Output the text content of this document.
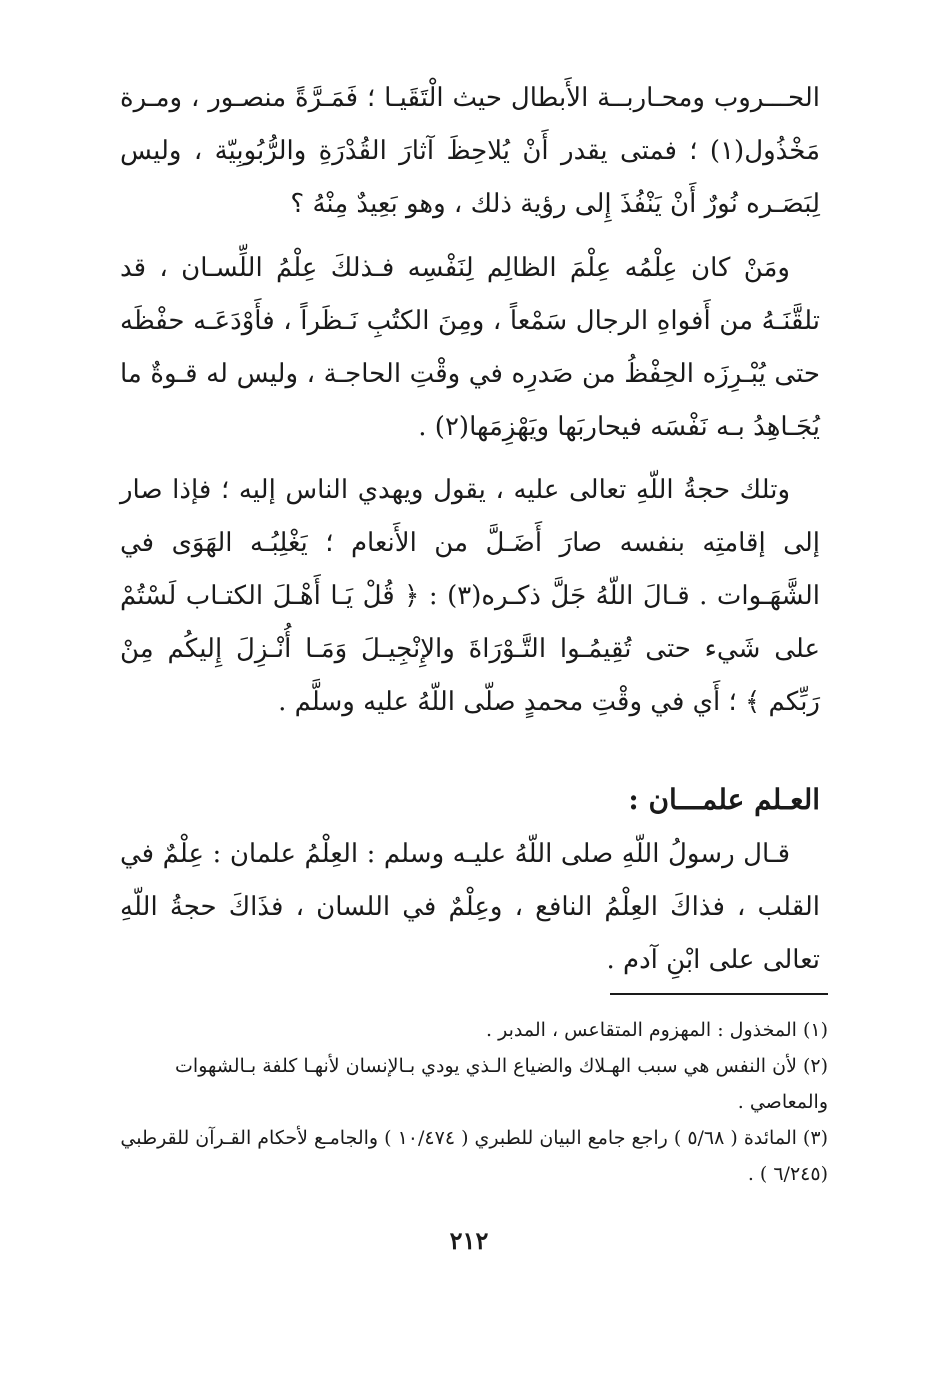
الحـــروب ومحـاربــة الأَبطال حيث الْتَقَيـا ؛ فَمَـرَّةً منصـور ، ومـرة مَخْذُول(١) ؛ فمتى يقدر أَنْ يُلاحِظَ آثارَ القُدْرَةِ والرُّبُوبِيّة ، وليس لِبَصَـره نُورٌ أَنْ يَنْفُذَ إِلى رؤية ذلك ، وهو بَعِيدٌ مِنْهُ ؟

ومَنْ كان عِلْمُه عِلْمَ الظالِم لِنَفْسِه فـذلكَ عِلْمُ اللِّسـان ، قد تلقَّنَـهُ من أَفواهِ الرجال سَمْعاً ، ومِنَ الكتُبِ نَـظَراً ، فأَوْدَعَـه حفْظَه حتى يُبْـرِزَه الحِفْظُ من صَدرِه في وقْتِ الحاجـة ، وليس له قـوةٌ ما يُجَـاهِدُ بـه نَفْسَه فيحاربَها ويَهْزِمَها(٢) .

وتلك حجةُ اللّهِ تعالى عليه ، يقول ويهدي الناس إليه ؛ فإذا صار إلى إقامتِه بنفسه صارَ أَضَـلَّ من الأَنعام ؛ يَغْلِبُـه الهَوَى في الشَّهَـوات . قـالَ اللّهُ جَلَّ ذكـره(٣) : ﴿ قُلْ يَـا أَهْـلَ الكتـاب لَسْتُمْ على شَيء حتى تُقِيمُـوا التَّـوْرَاةَ والإِنْجِيـلَ وَمَـا أُنْـزِلَ إِليكُم مِنْ رَبِّكم ﴾ ؛ أَي في وقْتِ محمدٍ صلّى اللّهُ عليه وسلَّم .

العـلم علمـــان :

قـال رسولُ اللّهِ صلى اللّهُ عليـه وسلم : العِلْمُ علمان : عِلْمٌ في القلب ، فذاكَ العِلْمُ النافع ، وعِلْمٌ في اللسان ، فذَاكَ حجةُ اللّهِ تعالى على ابْنِ آدم .

(١) المخذول : المهزوم المتقاعس ، المدبر .
(٢) لأن النفس هي سبب الهـلاك والضياع الـذي يودي بـالإنسان لأنهـا كلفة بـالشهوات والمعاصي .
(٣) المائدة ( ٥/٦٨ ) راجع جامع البيان للطبري ( ١٠/٤٧٤ ) والجامـع لأحكام القـرآن للقرطبي (٦/٢٤٥ ) .

٢١٢
